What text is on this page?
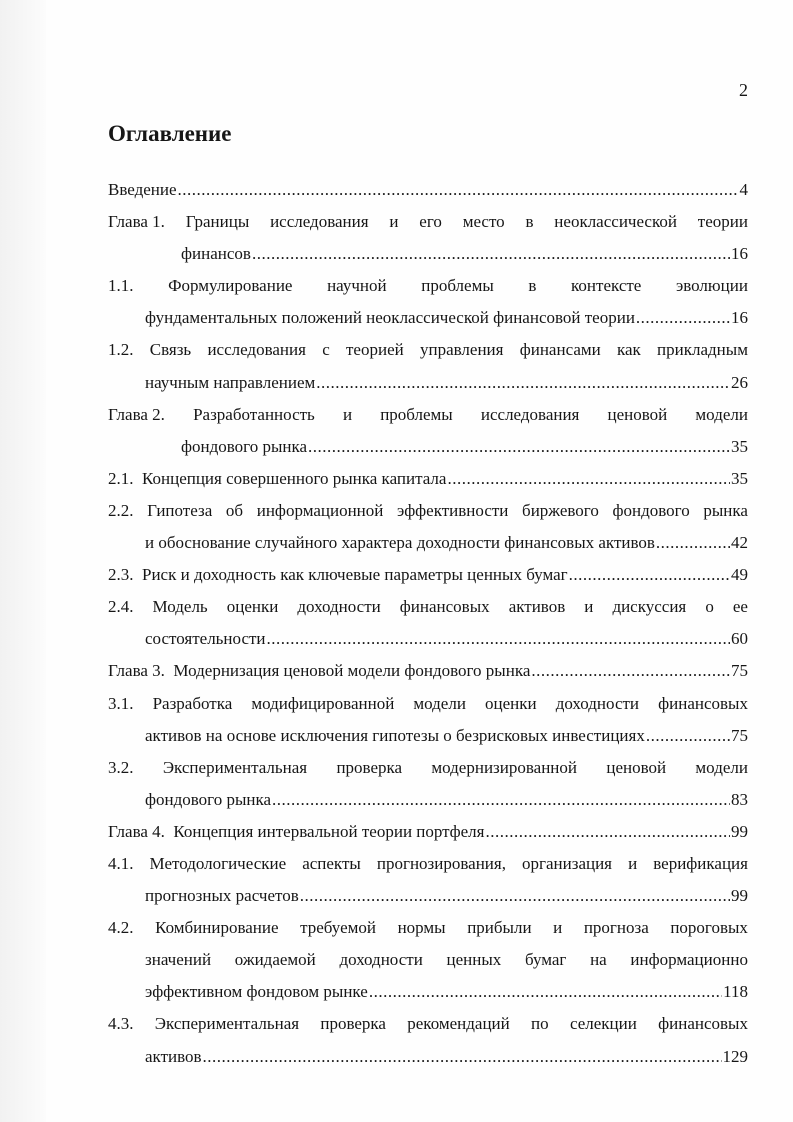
2
Оглавление
Введение .....	4
Глава 1. Границы исследования и его место в неоклассической теории
финансов .....	16
1.1. Формулирование научной проблемы в контексте эволюции
фундаментальных положений неоклассической финансовой теории .....	16
1.2. Связь исследования с теорией управления финансами как прикладным
научным направлением .....	26
Глава 2. Разработанность и проблемы исследования ценовой модели
фондового рынка .....	35
2.1.  Концепция совершенного рынка капитала .....	35
2.2. Гипотеза об информационной эффективности биржевого фондового рынка
и обоснование случайного характера доходности финансовых активов .....	42
2.3.  Риск и доходность как ключевые параметры ценных бумаг .....	49
2.4. Модель оценки доходности финансовых активов и дискуссия о ее
состоятельности .....	60
Глава 3.  Модернизация ценовой модели фондового рынка .....	75
3.1. Разработка модифицированной модели оценки доходности финансовых
активов на основе исключения гипотезы о безрисковых инвестициях .....	75
3.2. Экспериментальная проверка модернизированной ценовой модели
фондового рынка .....	83
Глава 4.  Концепция интервальной теории портфеля .....	99
4.1. Методологические аспекты прогнозирования, организация и верификация
прогнозных расчетов .....	99
4.2. Комбинирование требуемой нормы прибыли и прогноза пороговых
значений ожидаемой доходности ценных бумаг на информационно
эффективном фондовом рынке .....	118
4.3. Экспериментальная проверка рекомендаций по селекции финансовых
активов .....	129
